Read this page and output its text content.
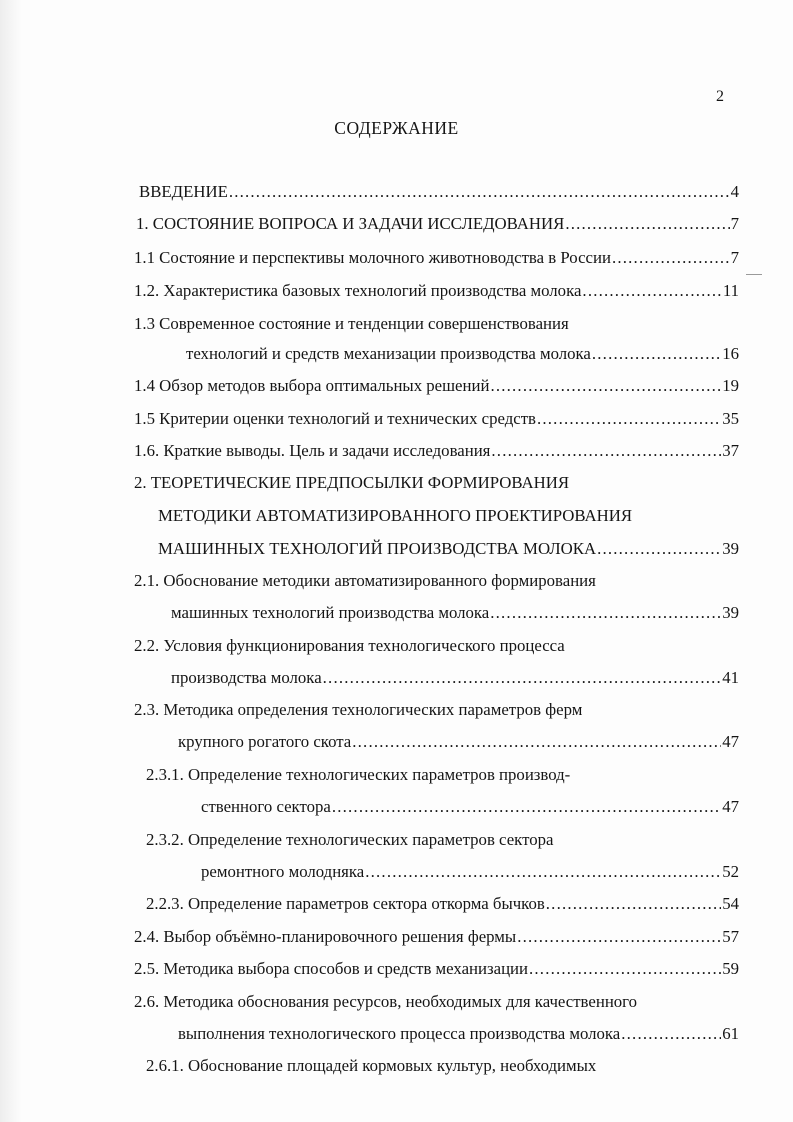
2
СОДЕРЖАНИЕ
ВВЕДЕНИЕ .....	4
1. СОСТОЯНИЕ ВОПРОСА И ЗАДАЧИ ИССЛЕДОВАНИЯ .....	7
1.1 Состояние и перспективы молочного животноводства в России .....	7
1.2. Характеристика базовых технологий производства молока .....	11
1.3 Современное состояние и тенденции совершенствования
технологий и средств механизации производства молока .....	16
1.4 Обзор методов выбора оптимальных решений .....	19
1.5 Критерии оценки технологий и технических средств .....	35
1.6. Краткие выводы. Цель и задачи исследования .....	37
2. ТЕОРЕТИЧЕСКИЕ ПРЕДПОСЫЛКИ ФОРМИРОВАНИЯ
МЕТОДИКИ АВТОМАТИЗИРОВАННОГО ПРОЕКТИРОВАНИЯ
МАШИННЫХ ТЕХНОЛОГИЙ ПРОИЗВОДСТВА МОЛОКА .....	39
2.1. Обоснование методики автоматизированного формирования
машинных технологий производства молока .....	39
2.2. Условия функционирования технологического процесса
производства молока .....	41
2.3. Методика определения технологических параметров ферм
крупного рогатого скота .....	47
2.3.1. Определение технологических параметров производ-
ственного сектора .....	47
2.3.2. Определение технологических параметров сектора
ремонтного молодняка .....	52
2.2.3. Определение параметров сектора откорма бычков .....	54
2.4. Выбор объёмно-планировочного решения фермы .....	57
2.5. Методика выбора способов и средств механизации .....	59
2.6. Методика обоснования ресурсов, необходимых для качественного
выполнения технологического процесса производства молока .....	61
2.6.1. Обоснование площадей кормовых культур, необходимых
